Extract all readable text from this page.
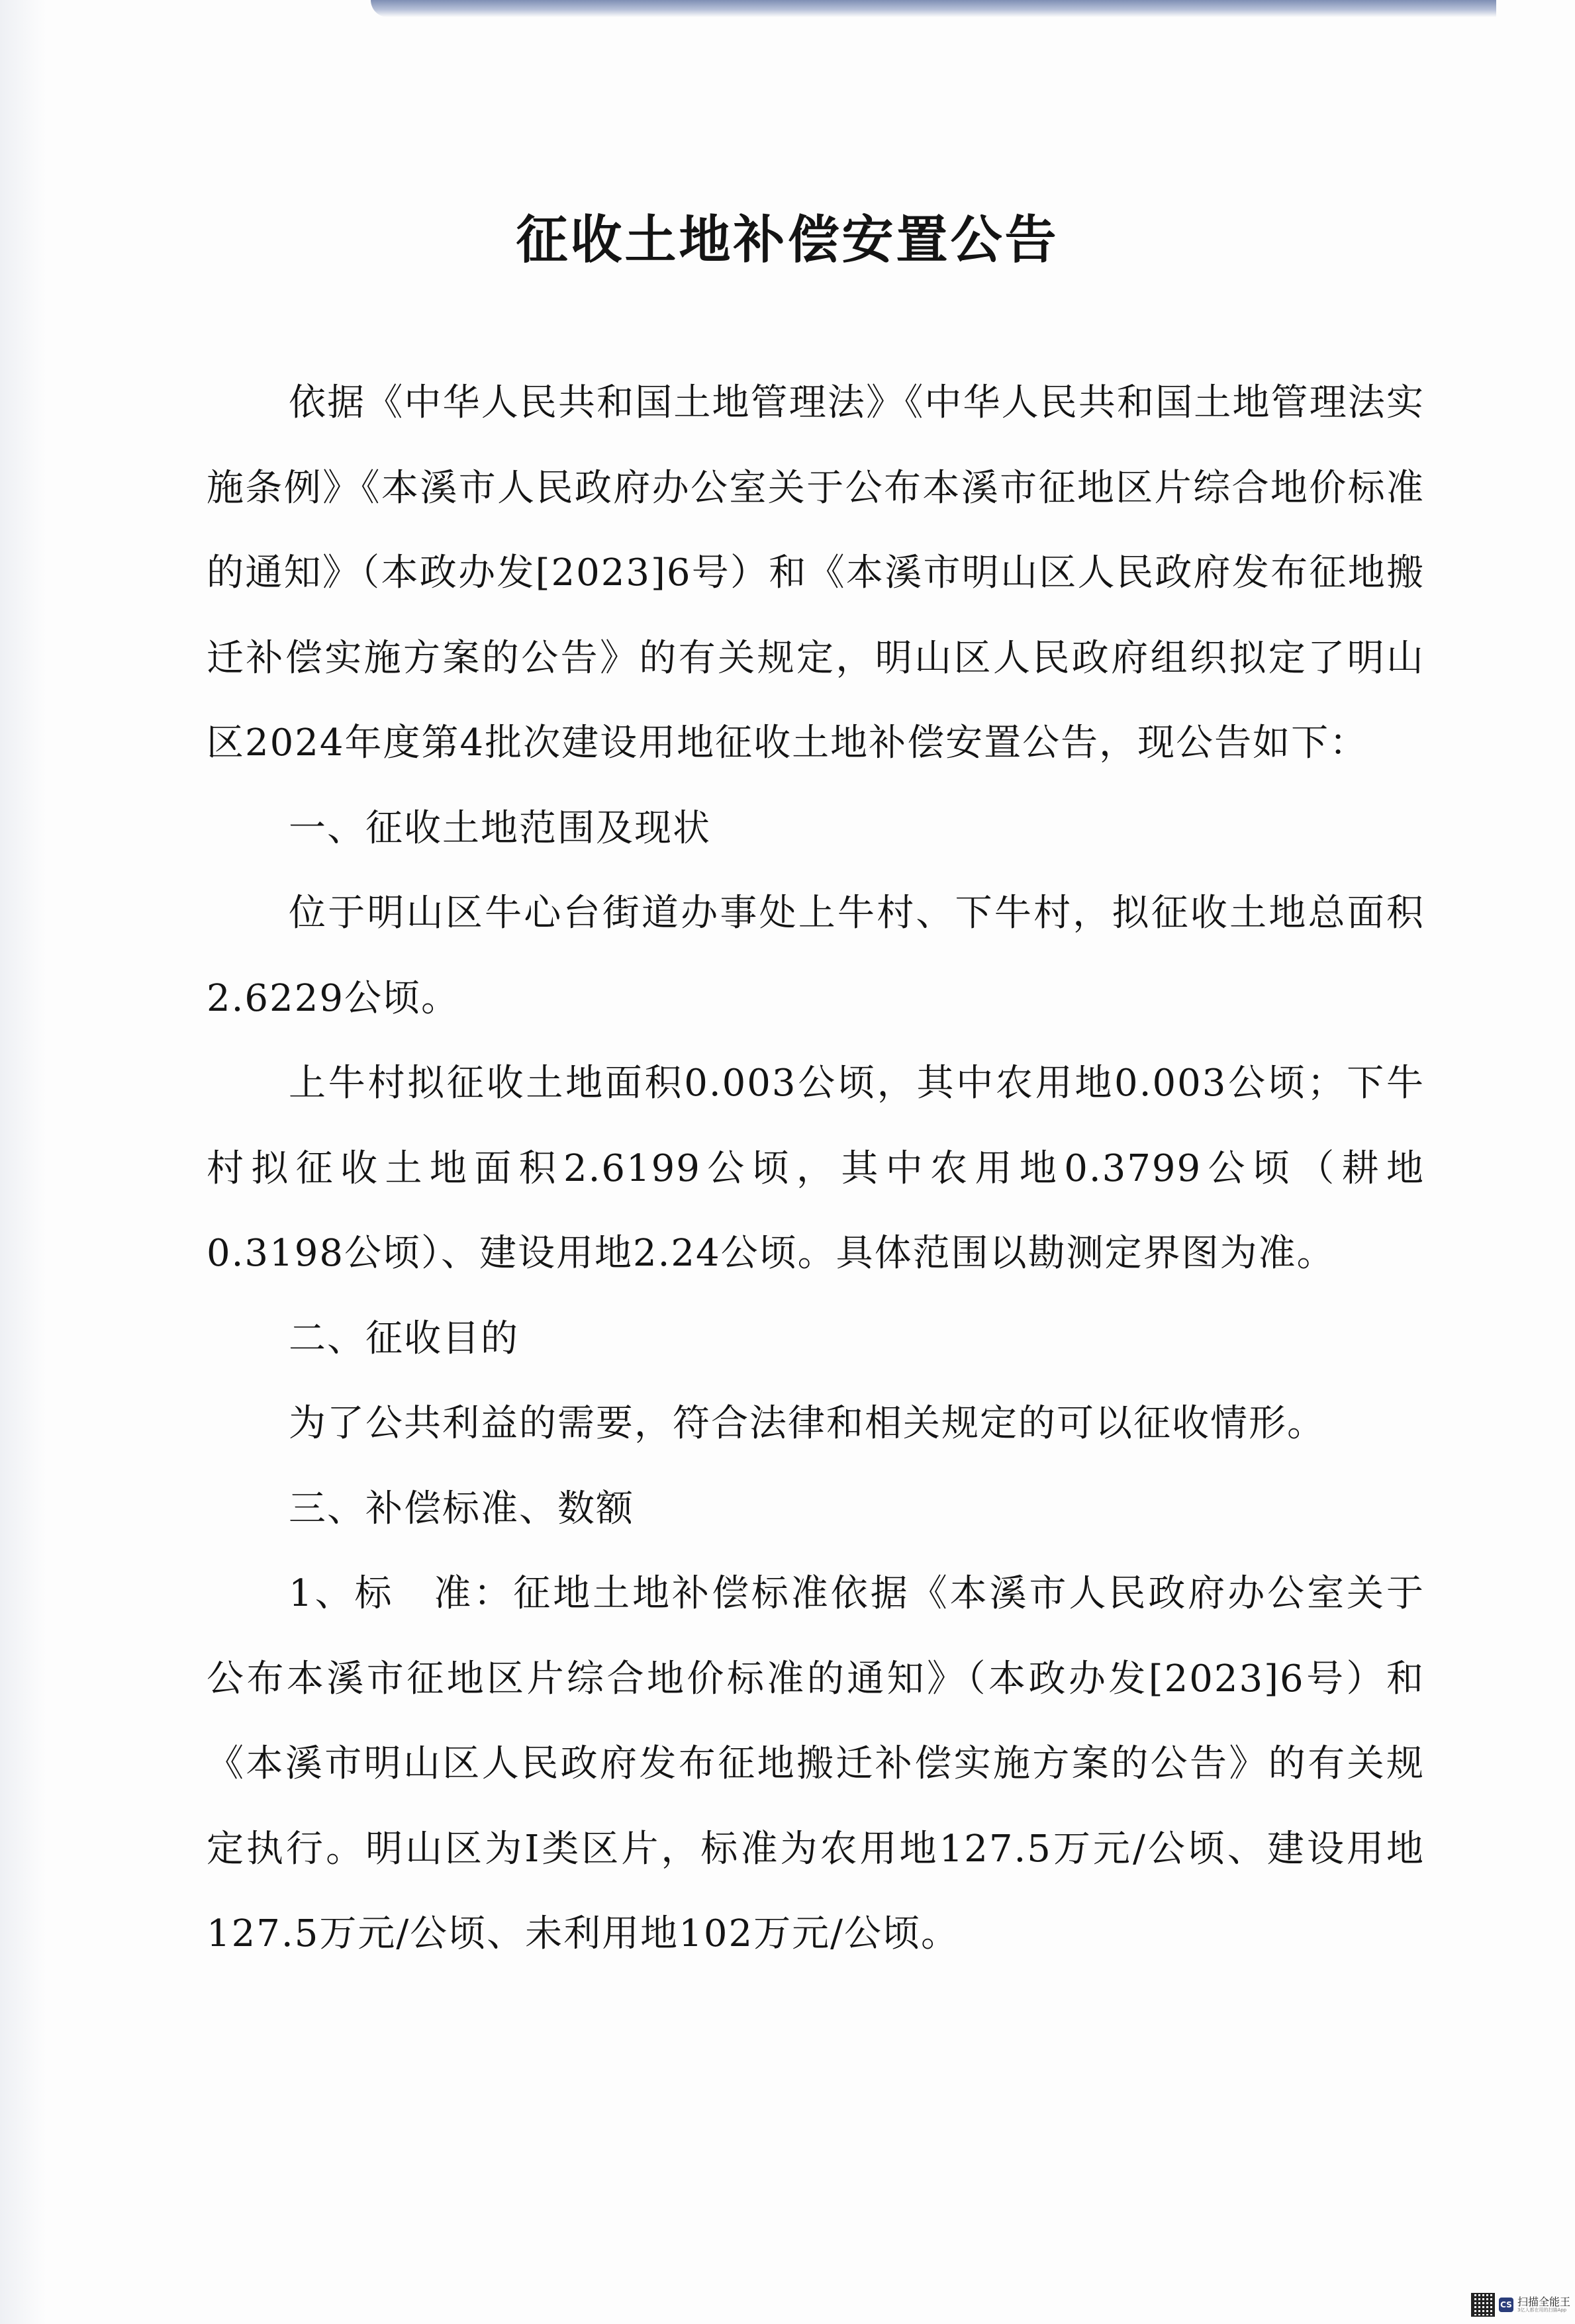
征收土地补偿安置公告

依据《中华人民共和国土地管理法》《中华人民共和国土地管理法实施条例》《本溪市人民政府办公室关于公布本溪市征地区片综合地价标准的通知》（本政办发[2023]6号）和《本溪市明山区人民政府发布征地搬迁补偿实施方案的公告》的有关规定，明山区人民政府组织拟定了明山区2024年度第4批次建设用地征收土地补偿安置公告，现公告如下：

一、征收土地范围及现状

位于明山区牛心台街道办事处上牛村、下牛村，拟征收土地总面积2.6229公顷。

上牛村拟征收土地面积0.003公顷，其中农用地0.003公顷；下牛村拟征收土地面积2.6199公顷，其中农用地0.3799公顷（耕地0.3198公顷）、建设用地2.24公顷。具体范围以勘测定界图为准。

二、征收目的

为了公共利益的需要，符合法律和相关规定的可以征收情形。

三、补偿标准、数额

1、标　准：征地土地补偿标准依据《本溪市人民政府办公室关于公布本溪市征地区片综合地价标准的通知》（本政办发[2023]6号）和《本溪市明山区人民政府发布征地搬迁补偿实施方案的公告》的有关规定执行。明山区为Ⅰ类区片，标准为农用地127.5万元/公顷、建设用地127.5万元/公顷、未利用地102万元/公顷。

CS 扫描全能王
3亿人都在用的扫描App
